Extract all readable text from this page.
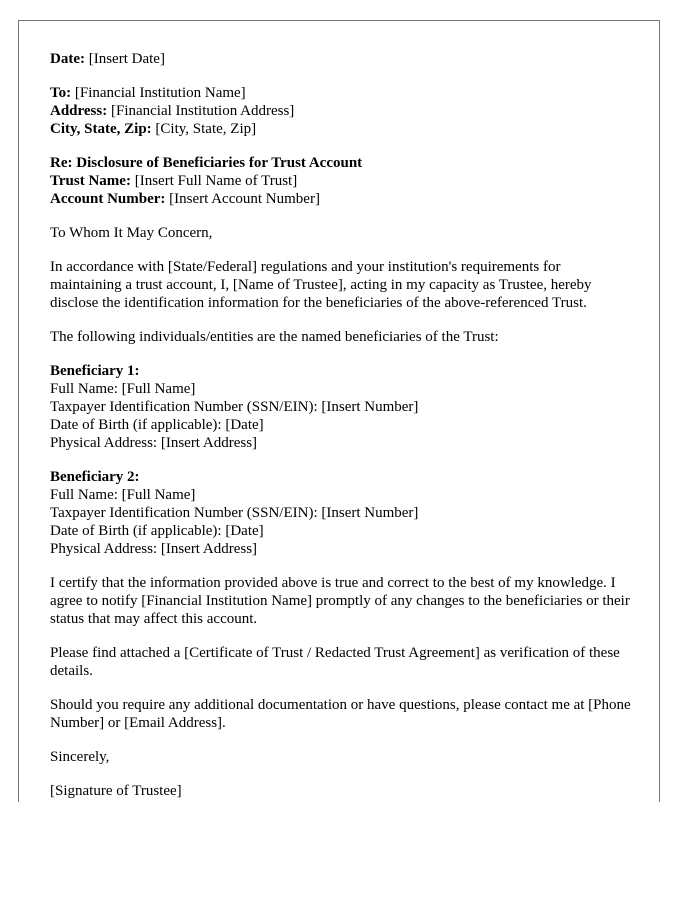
Date: [Insert Date]
To: [Financial Institution Name]
Address: [Financial Institution Address]
City, State, Zip: [City, State, Zip]
Re: Disclosure of Beneficiaries for Trust Account
Trust Name: [Insert Full Name of Trust]
Account Number: [Insert Account Number]
To Whom It May Concern,
In accordance with [State/Federal] regulations and your institution's requirements for maintaining a trust account, I, [Name of Trustee], acting in my capacity as Trustee, hereby disclose the identification information for the beneficiaries of the above-referenced Trust.
The following individuals/entities are the named beneficiaries of the Trust:
Beneficiary 1:
Full Name: [Full Name]
Taxpayer Identification Number (SSN/EIN): [Insert Number]
Date of Birth (if applicable): [Date]
Physical Address: [Insert Address]
Beneficiary 2:
Full Name: [Full Name]
Taxpayer Identification Number (SSN/EIN): [Insert Number]
Date of Birth (if applicable): [Date]
Physical Address: [Insert Address]
I certify that the information provided above is true and correct to the best of my knowledge. I agree to notify [Financial Institution Name] promptly of any changes to the beneficiaries or their status that may affect this account.
Please find attached a [Certificate of Trust / Redacted Trust Agreement] as verification of these details.
Should you require any additional documentation or have questions, please contact me at [Phone Number] or [Email Address].
Sincerely,
[Signature of Trustee]
